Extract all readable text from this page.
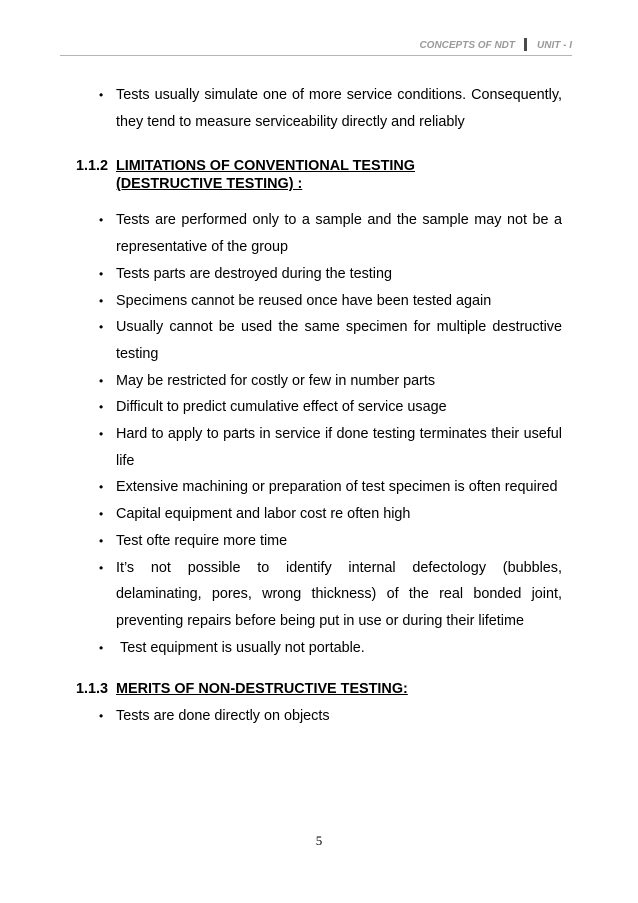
CONCEPTS OF NDT UNIT - I
• Tests usually simulate one of more service conditions. Consequently, they tend to measure serviceability directly and reliably
1.1.2 LIMITATIONS OF CONVENTIONAL TESTING
(DESTRUCTIVE TESTING) :
• Tests are performed only to a sample and the sample may not be a representative of the group
• Tests parts are destroyed during the testing
• Specimens cannot be reused once have been tested again
• Usually cannot be used the same specimen for multiple destructive testing
• May be restricted for costly or few in number parts
• Difficult to predict cumulative effect of service usage
• Hard to apply to parts in service if done testing terminates their useful life
• Extensive machining or preparation of test specimen is often required
• Capital equipment and labor cost re often high
• Test ofte require more time
• It’s not possible to identify internal defectology (bubbles, delaminating, pores, wrong thickness) of the real bonded joint, preventing repairs before being put in use or during their lifetime
• Test equipment is usually not portable.
1.1.3 MERITS OF NON-DESTRUCTIVE TESTING:
• Tests are done directly on objects
5
